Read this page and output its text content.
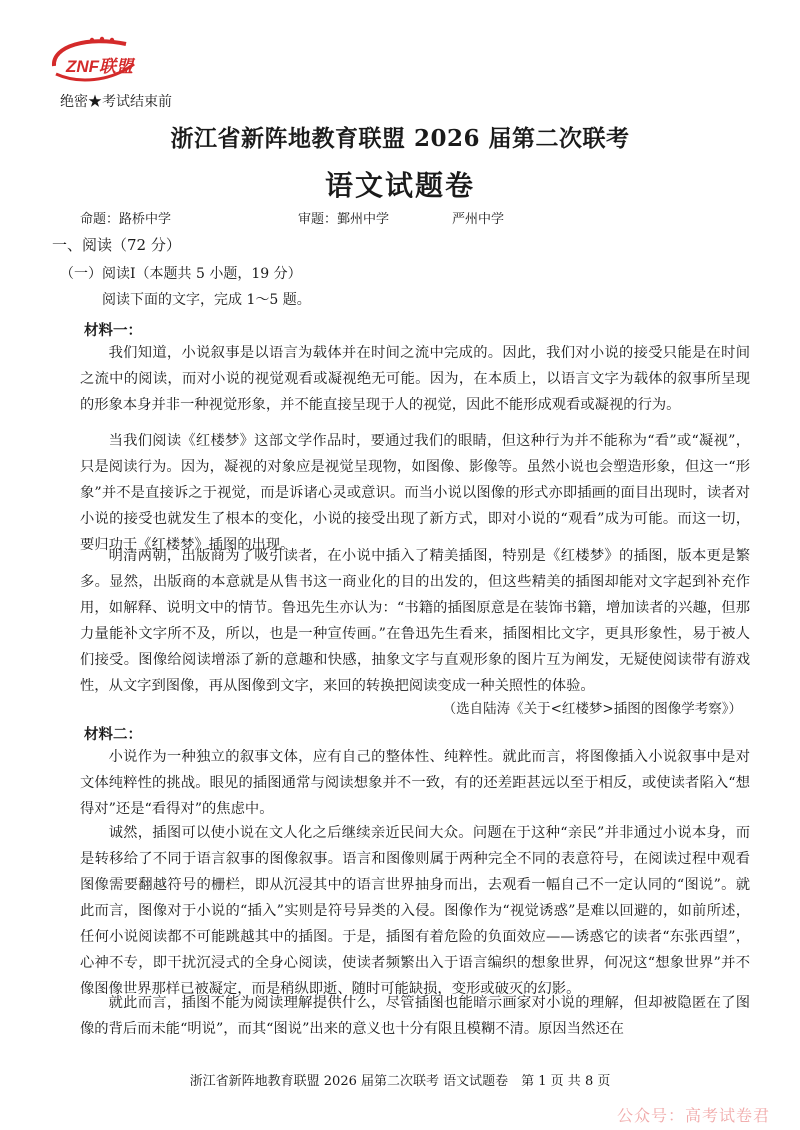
ZNF联盟
绝密★考试结束前
浙江省新阵地教育联盟 2026 届第二次联考
语文试题卷
命题：路桥中学	审题：鄞州中学	严州中学
一、阅读（72 分）
（一）阅读Ⅰ（本题共 5 小题，19 分）
阅读下面的文字，完成 1～5 题。
材料一：

我们知道，小说叙事是以语言为载体并在时间之流中完成的。因此，我们对小说的接受只能是在时间之流中的阅读，而对小说的视觉观看或凝视绝无可能。因为，在本质上，以语言文字为载体的叙事所呈现的形象本身并非一种视觉形象，并不能直接呈现于人的视觉，因此不能形成观看或凝视的行为。

当我们阅读《红楼梦》这部文学作品时，要通过我们的眼睛，但这种行为并不能称为“看”或“凝视”，只是阅读行为。因为，凝视的对象应是视觉呈现物，如图像、影像等。虽然小说也会塑造形象，但这一“形象”并不是直接诉之于视觉，而是诉诸心灵或意识。而当小说以图像的形式亦即插画的面目出现时，读者对小说的接受也就发生了根本的变化，小说的接受出现了新方式，即对小说的“观看”成为可能。而这一切，要归功于《红楼梦》插图的出现。

明清两朝，出版商为了吸引读者，在小说中插入了精美插图，特别是《红楼梦》的插图，版本更是繁多。显然，出版商的本意就是从售书这一商业化的目的出发的，但这些精美的插图却能对文字起到补充作用，如解释、说明文中的情节。鲁迅先生亦认为：“书籍的插图原意是在装饰书籍，增加读者的兴趣，但那力量能补文字所不及，所以，也是一种宣传画。”在鲁迅先生看来，插图相比文字，更具形象性，易于被人们接受。图像给阅读增添了新的意趣和快感，抽象文字与直观形象的图片互为阐发，无疑使阅读带有游戏性，从文字到图像，再从图像到文字，来回的转换把阅读变成一种关照性的体验。

（选自陆涛《关于<红楼梦>插图的图像学考察》）
材料二：

小说作为一种独立的叙事文体，应有自己的整体性、纯粹性。就此而言，将图像插入小说叙事中是对文体纯粹性的挑战。眼见的插图通常与阅读想象并不一致，有的还差距甚远以至于相反，或使读者陷入“想得对”还是“看得对”的焦虑中。

诚然，插图可以使小说在文人化之后继续亲近民间大众。问题在于这种“亲民”并非通过小说本身，而是转移给了不同于语言叙事的图像叙事。语言和图像则属于两种完全不同的表意符号，在阅读过程中观看图像需要翻越符号的栅栏，即从沉浸其中的语言世界抽身而出，去观看一幅自己不一定认同的“图说”。就此而言，图像对于小说的“插入”实则是符号异类的入侵。图像作为“视觉诱惑”是难以回避的，如前所述，任何小说阅读都不可能跳越其中的插图。于是，插图有着危险的负面效应——诱惑它的读者“东张西望”，心神不专，即干扰沉浸式的全身心阅读，使读者频繁出入于语言编织的想象世界，何况这“想象世界”并不像图像世界那样已被凝定，而是稍纵即逝、随时可能缺损，变形或破灭的幻影。

就此而言，插图不能为阅读理解提供什么，尽管插图也能暗示画家对小说的理解，但却被隐匿在了图像的背后而未能“明说”，而其“图说”出来的意义也十分有限且模糊不清。原因当然还在

浙江省新阵地教育联盟 2026 届第二次联考 语文试题卷　第 1 页 共 8 页
公众号：高考试卷君
